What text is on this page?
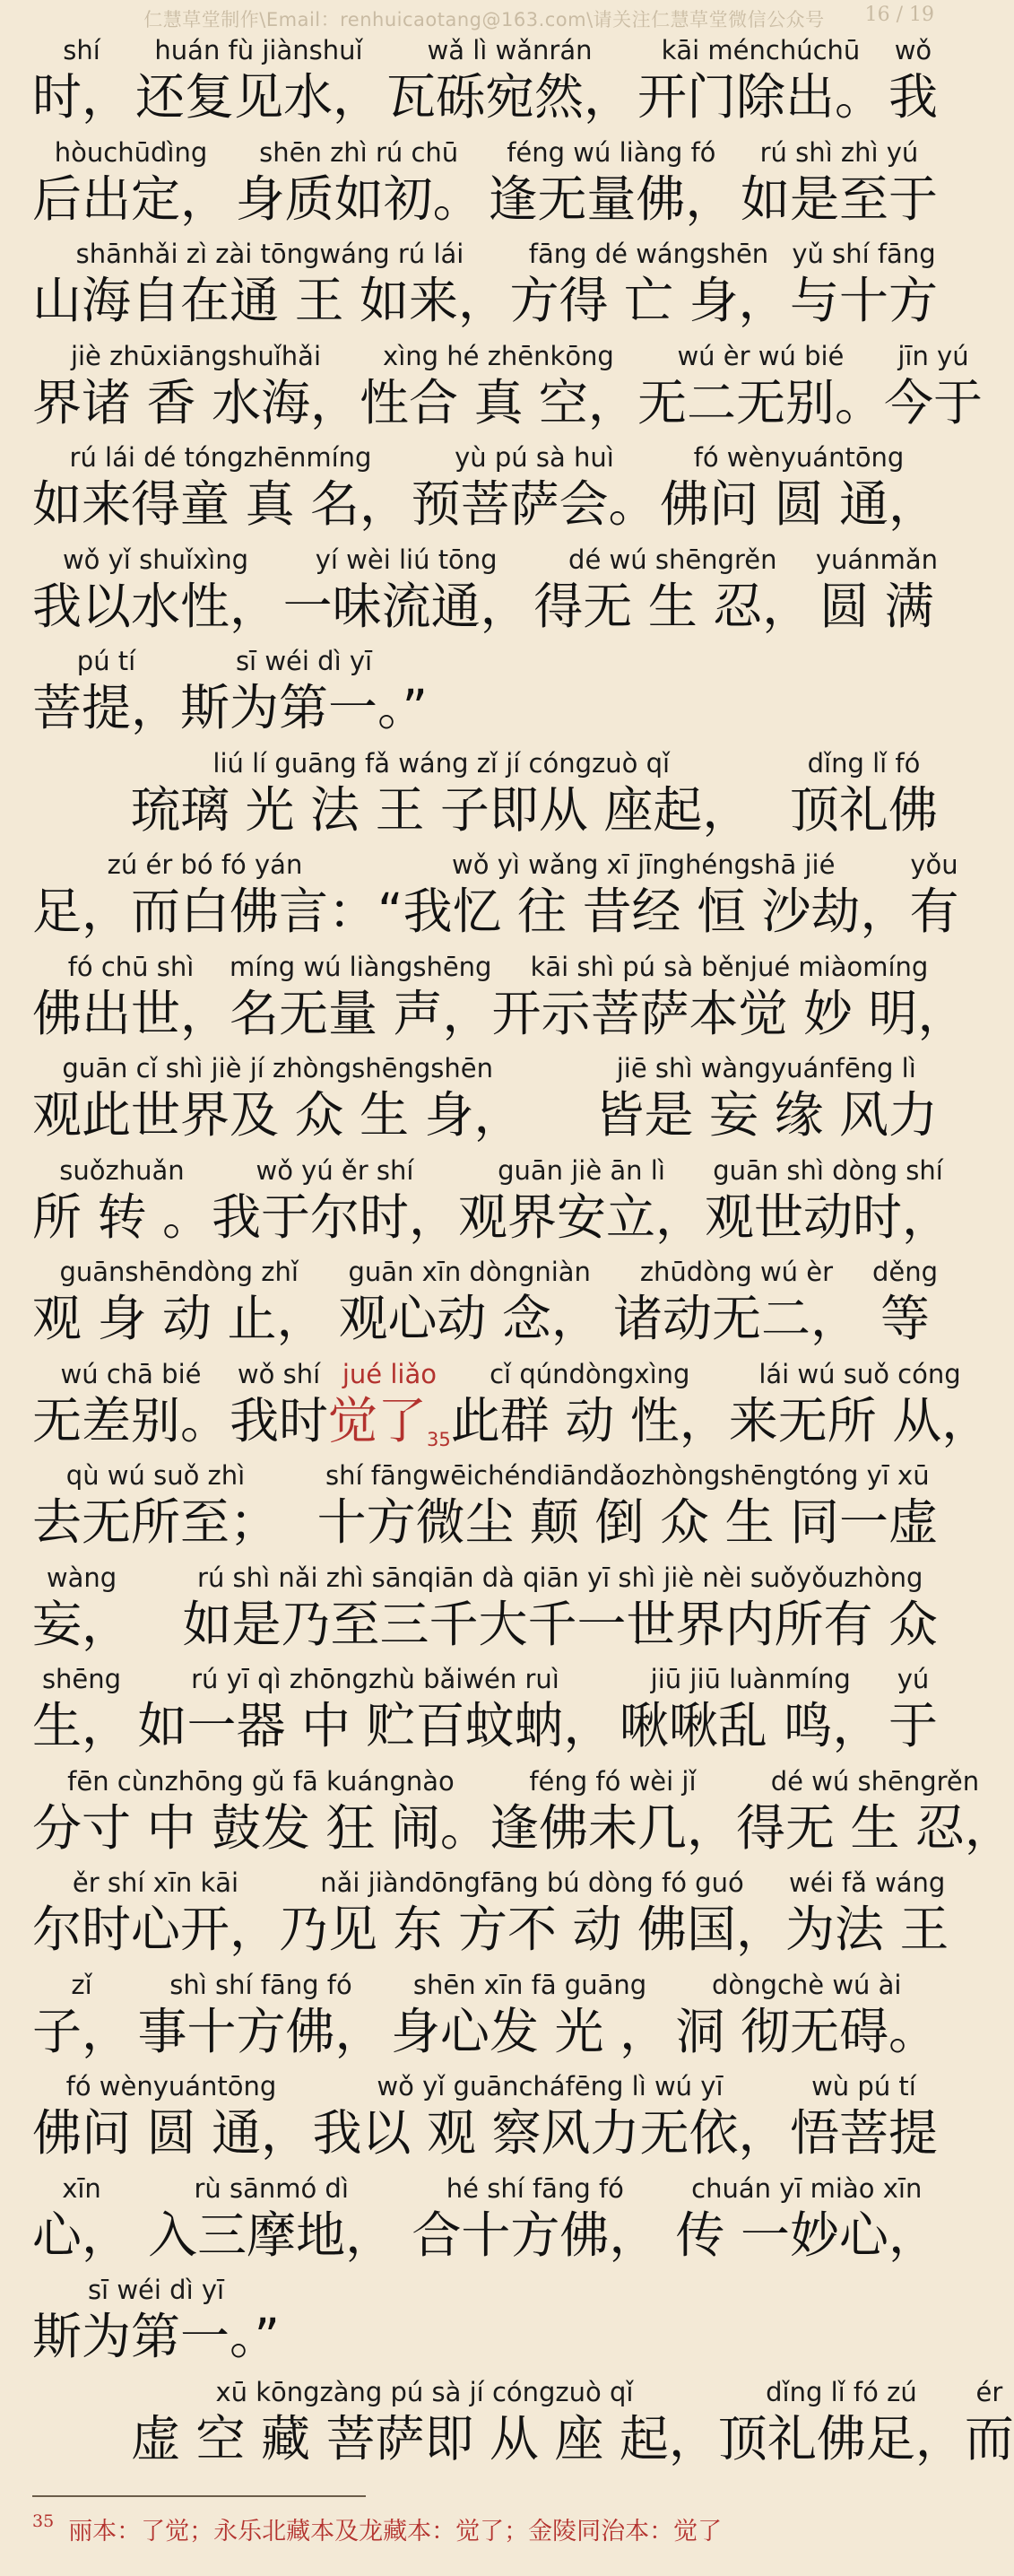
仁慧草堂制作\Email：renhuicaotang@163.com\请关注仁慧草堂微信公众号	16 / 19
shí
时，
huán fù jiànshuǐ
还复见水，
wǎ lì wǎnrán
瓦砾宛然，
kāi ménchúchū
开门除出。
wǒ
我
hòuchūdìng
后出定，
shēn zhì rú chū
身质如初。
féng wú liàng fó
逢无量佛，
rú shì zhì yú
如是至于
shānhǎi zì zài tōngwáng rú lái
山海自在通 王 如来，
fāng dé wángshēn
方得 亡 身，
yǔ shí fāng
与十方
jiè zhūxiāngshuǐhǎi
界诸 香 水海，
xìng hé zhēnkōng
性合 真 空，
wú èr wú bié
无二无别。
jīn yú
今于
rú lái dé tóngzhēnmíng
如来得童 真 名，
yù pú sà huì
预菩萨会。
fó wènyuántōng
佛问 圆 通，
wǒ yǐ shuǐxìng
我以水性，
yí wèi liú tōng
一味流通，
dé wú shēngrěn
得无 生 忍，
yuánmǎn
圆 满
pú tí
菩提，
sī wéi dì yī
斯为第一。”
liú lí guāng fǎ wáng zǐ jí cóngzuò qǐ
琉璃 光 法 王 子即从 座起，
dǐng lǐ fó
顶礼佛
zú ér bó fó yán
足，而白佛言：
wǒ yì wǎng xī jīnghéngshā jié
“我忆 往 昔经 恒 沙劫，
yǒu
有
fó chū shì
佛出世，
míng wú liàngshēng
名无量 声，
kāi shì pú sà běnjué miàomíng
开示菩萨本觉 妙 明，
guān cǐ shì jiè jí zhòngshēngshēn
观此世界及 众 生 身，
jiē shì wàngyuánfēng lì
皆是 妄 缘 风力
suǒzhuǎn
所 转 。
wǒ yú ěr shí
我于尔时，
guān jiè ān lì
观界安立，
guān shì dòng shí
观世动时，
guānshēndòng zhǐ
观 身 动 止，
guān xīn dòngniàn
观心动 念，
zhūdòng wú èr
诸动无二，
děng
等
wú chā bié
无差别。
wǒ shí
我时
jué liǎo
觉了35
cǐ qúndòngxìng
此群 动 性，
lái wú suǒ cóng
来无所 从，
qù wú suǒ zhì
去无所至；
shí fāngwēichéndiāndǎozhòngshēngtóng yī xū
十方微尘 颠 倒 众 生 同一虚
wàng
妄，
rú shì nǎi zhì sānqiān dà qiān yī shì jiè nèi suǒyǒuzhòng
如是乃至三千大千一世界内所有 众
shēng
生，
rú yī qì zhōngzhù bǎiwén ruì
如一器 中 贮百蚊蚋，
jiū jiū luànmíng
啾啾乱 鸣，
yú
于
fēn cùnzhōng gǔ fā kuángnào
分寸 中 鼓发 狂 闹。
féng fó wèi jǐ
逢佛未几，
dé wú shēngrěn
得无 生 忍，
ěr shí xīn kāi
尔时心开，
nǎi jiàndōngfāng bú dòng fó guó
乃见 东 方不 动 佛国，
wéi fǎ wáng
为法 王
zǐ
子，
shì shí fāng fó
事十方佛，
shēn xīn fā guāng
身心发 光 ，
dòngchè wú ài
洞 彻无碍。
fó wènyuántōng
佛问 圆 通，
wǒ yǐ guāncháfēng lì wú yī
我以 观 察风力无依，
wù pú tí
悟菩提
xīn
心，
rù sānmó dì
入三摩地，
hé shí fāng fó
合十方佛，
chuán yī miào xīn
传 一妙心，
sī wéi dì yī
斯为第一。”
xū kōngzàng pú sà jí cóngzuò qǐ
虚 空 藏 菩萨即 从 座 起，
dǐng lǐ fó zú
顶礼佛足，
ér
而
$^{35}$ 丽本：了觉；永乐北藏本及龙藏本：觉了；金陵同治本：觉了
